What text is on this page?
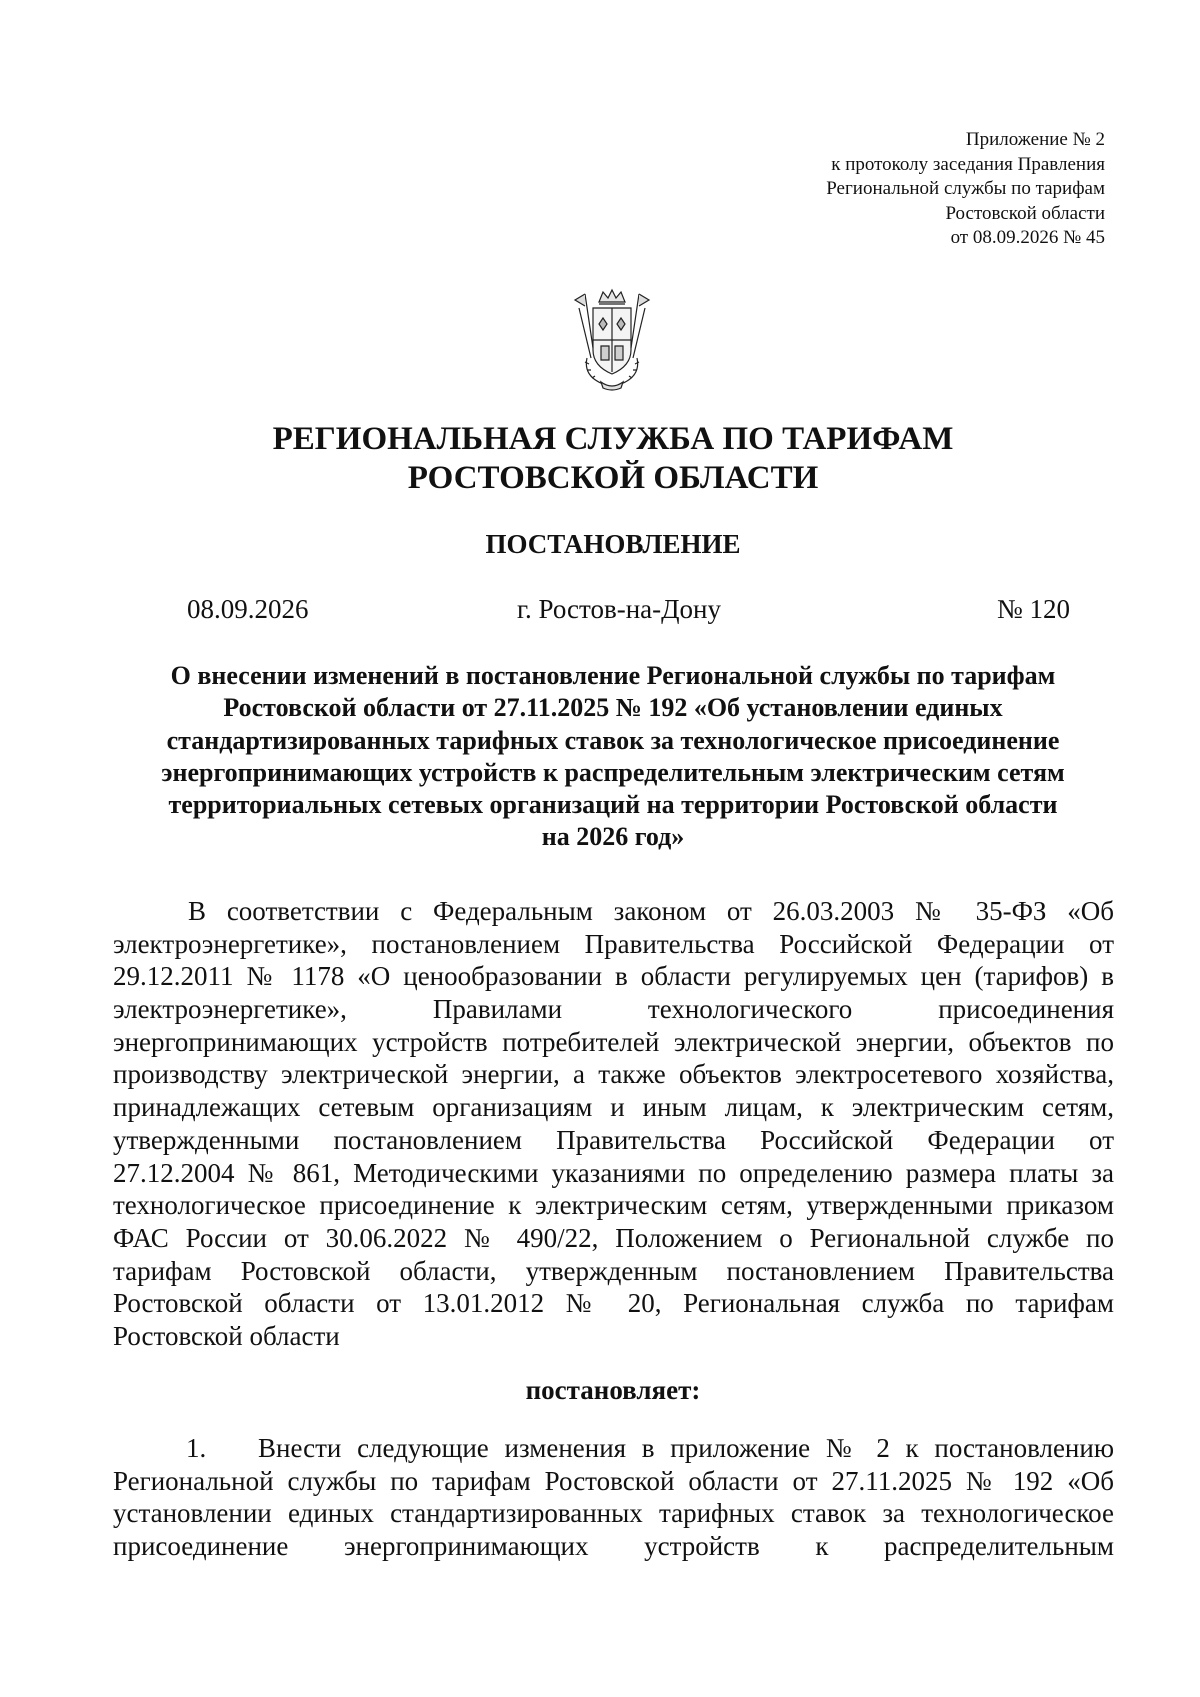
Приложение № 2
к протоколу заседания Правления
Региональной службы по тарифам
Ростовской области
от 08.09.2026 № 45
РЕГИОНАЛЬНАЯ СЛУЖБА ПО ТАРИФАМ
РОСТОВСКОЙ ОБЛАСТИ
ПОСТАНОВЛЕНИЕ
08.09.2026	г. Ростов-на-Дону	№ 120
О внесении изменений в постановление Региональной службы по тарифам
Ростовской области от 27.11.2025 № 192 «Об установлении единых
стандартизированных тарифных ставок за технологическое присоединение
энергопринимающих устройств к распределительным электрическим сетям
территориальных сетевых организаций на территории Ростовской области
на 2026 год»
В соответствии с Федеральным законом от 26.03.2003 № 35-ФЗ «Об
электроэнергетике», постановлением Правительства Российской Федерации от
29.12.2011 № 1178 «О ценообразовании в области регулируемых цен (тарифов) в
электроэнергетике», Правилами технологического присоединения
энергопринимающих устройств потребителей электрической энергии, объектов по
производству электрической энергии, а также объектов электросетевого хозяйства,
принадлежащих сетевым организациям и иным лицам, к электрическим сетям,
утвержденными постановлением Правительства Российской Федерации от
27.12.2004 № 861, Методическими указаниями по определению размера платы за
технологическое присоединение к электрическим сетям, утвержденными приказом
ФАС России от 30.06.2022 № 490/22, Положением о Региональной службе по
тарифам Ростовской области, утвержденным постановлением Правительства
Ростовской области от 13.01.2012 № 20, Региональная служба по тарифам
Ростовской области
постановляет:
1. Внести следующие изменения в приложение № 2 к постановлению
Региональной службы по тарифам Ростовской области от 27.11.2025 № 192 «Об
установлении единых стандартизированных тарифных ставок за технологическое
присоединение энергопринимающих устройств к распределительным
